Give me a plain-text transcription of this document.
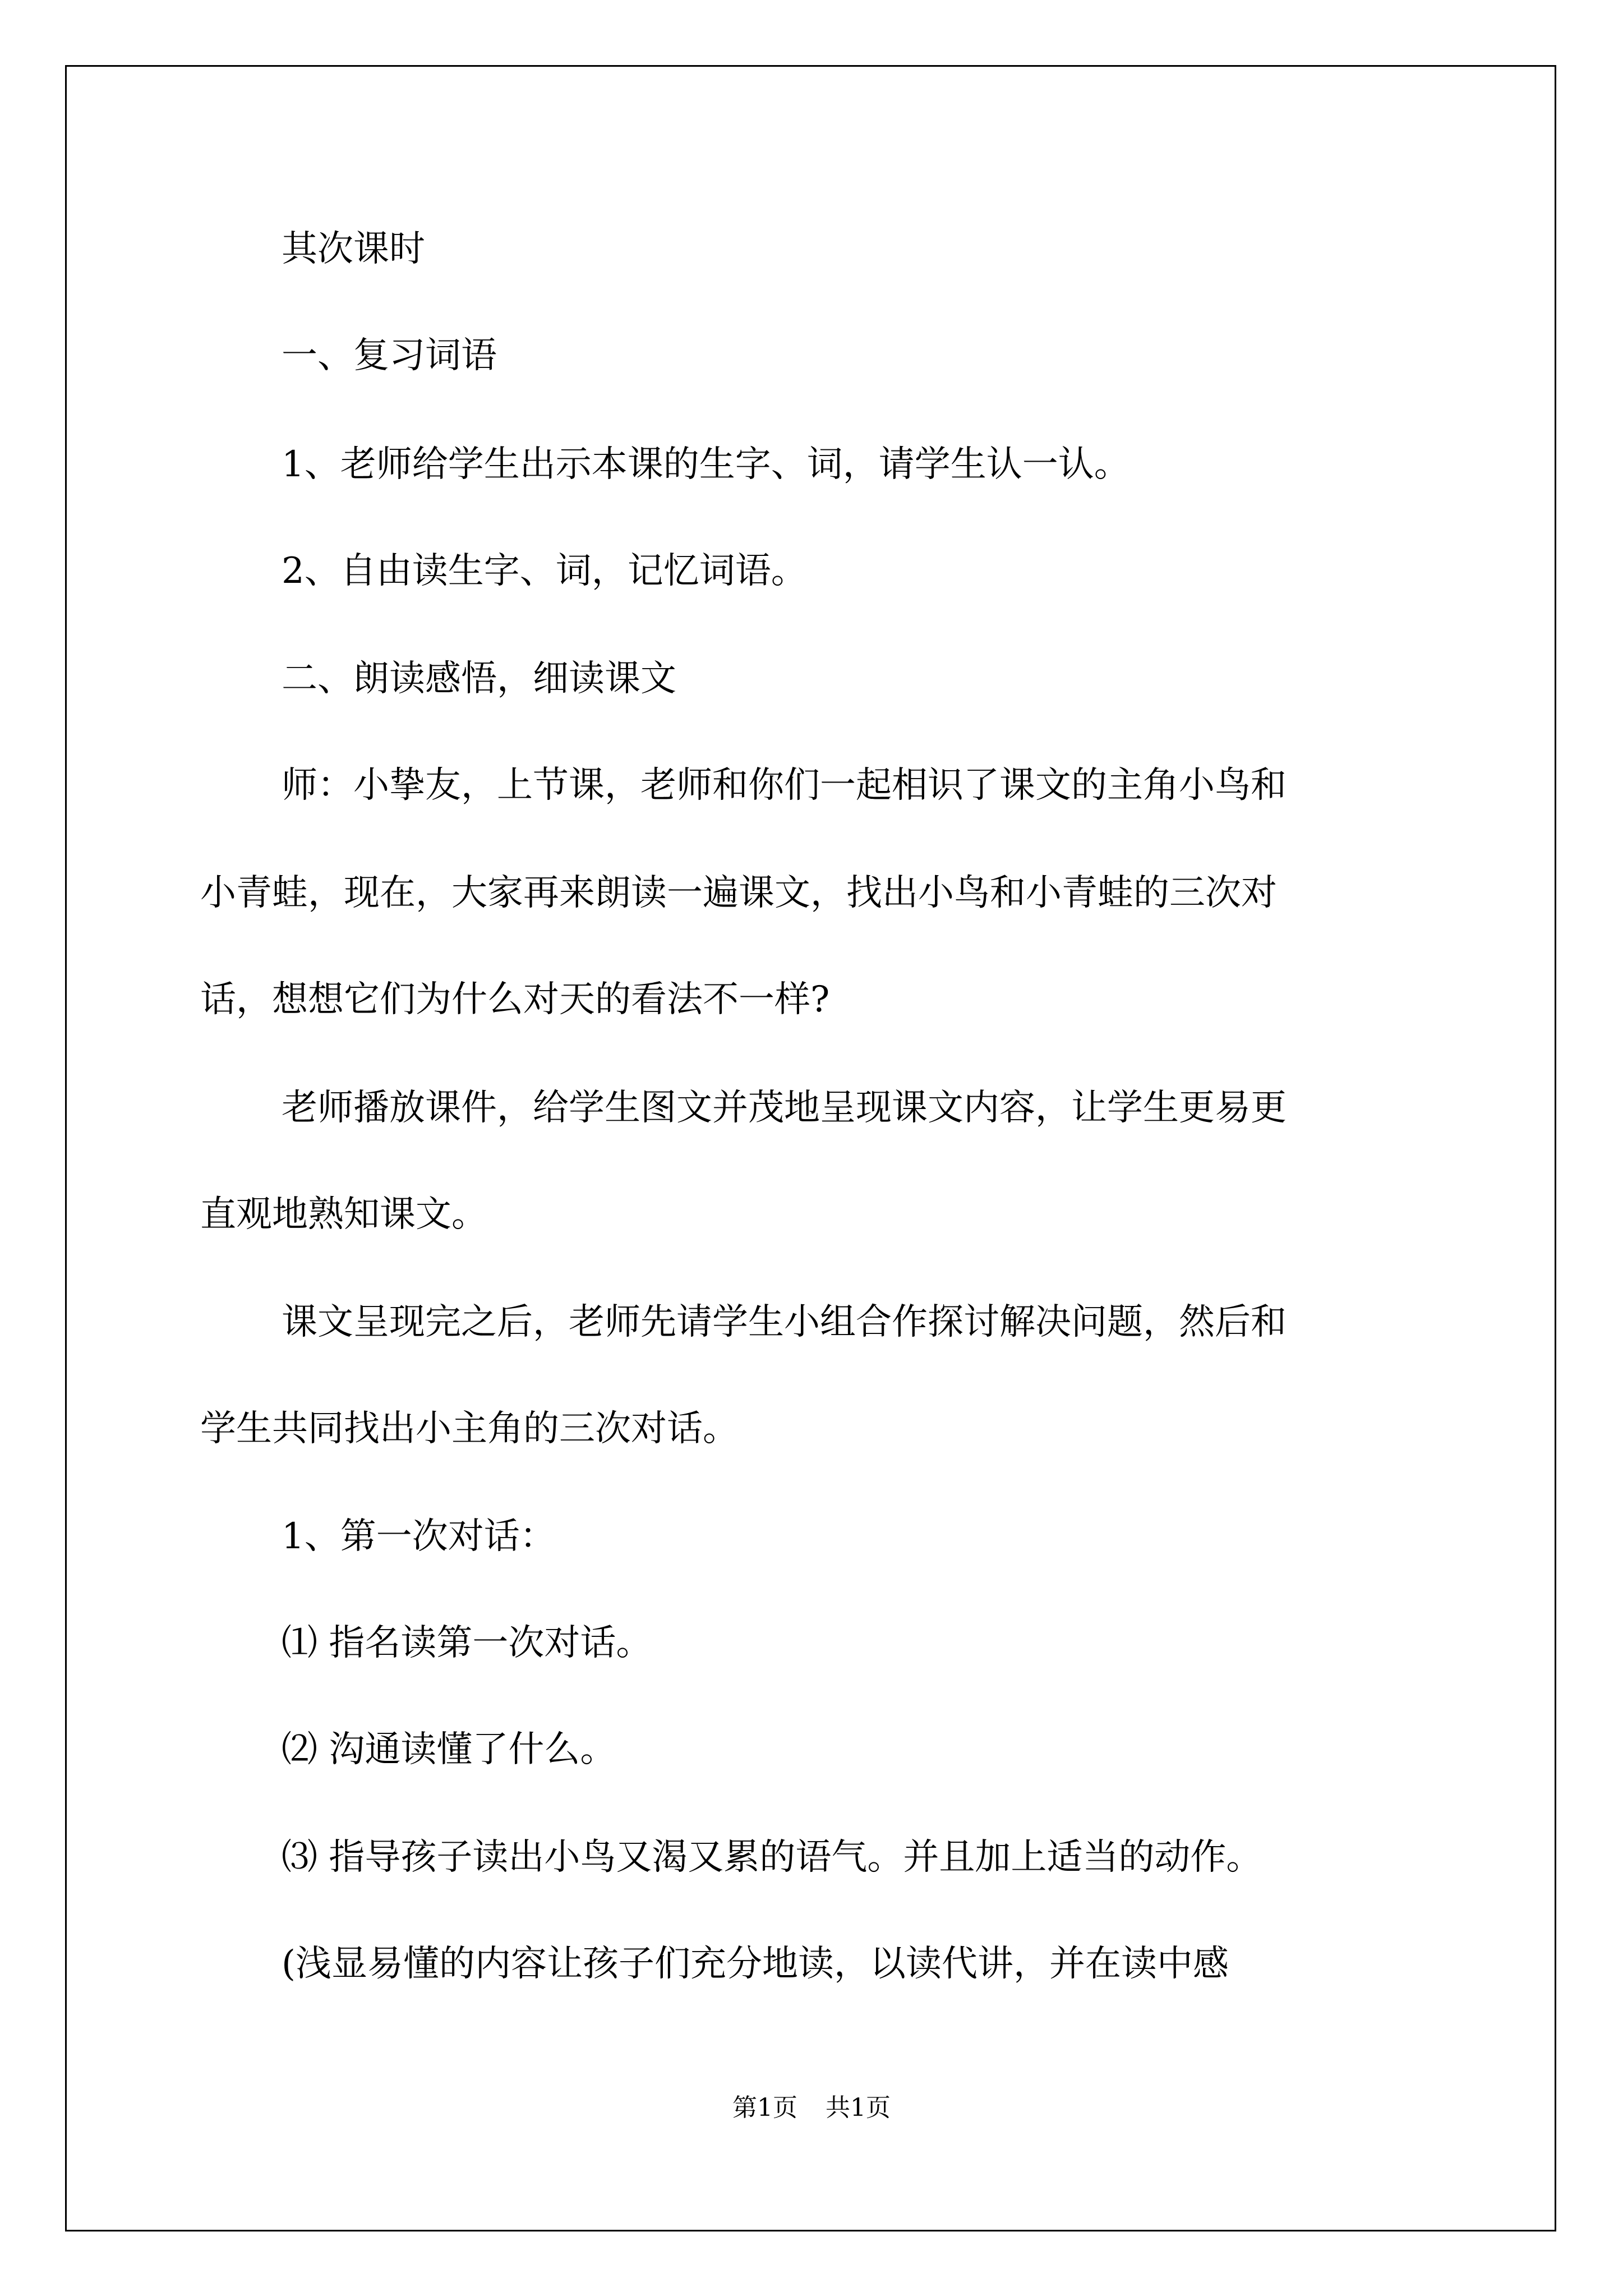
其次课时
一、复习词语
1、老师给学生出示本课的生字、词，请学生认一认。
2、自由读生字、词，记忆词语。
二、朗读感悟，细读课文
师：小挚友，上节课，老师和你们一起相识了课文的主角小鸟和
小青蛙，现在，大家再来朗读一遍课文，找出小鸟和小青蛙的三次对
话，想想它们为什么对天的看法不一样?
老师播放课件，给学生图文并茂地呈现课文内容，让学生更易更
直观地熟知课文。
课文呈现完之后，老师先请学生小组合作探讨解决问题，然后和
学生共同找出小主角的三次对话。
1、第一次对话：
⑴ 指名读第一次对话。
⑵ 沟通读懂了什么。
⑶ 指导孩子读出小鸟又渴又累的语气。并且加上适当的动作。
(浅显易懂的内容让孩子们充分地读，以读代讲，并在读中感
第1页 共1页
